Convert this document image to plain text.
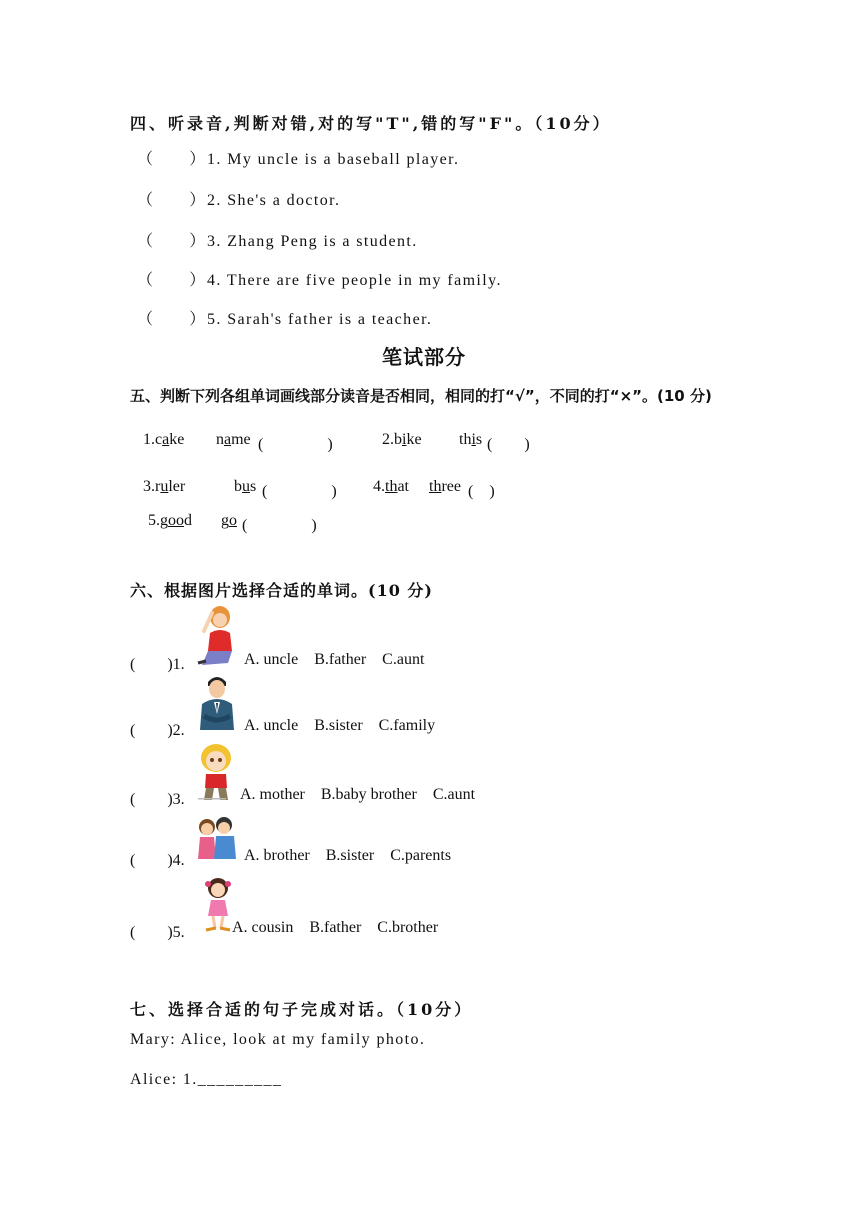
四、听录音,判断对错,对的写"T",错的写"F"。（10分）
（　　）1. My uncle is a baseball player.
（　　）2. She's a doctor.
（　　）3. Zhang Peng is a student.
（　　）4. There are five people in my family.
（　　）5. Sarah's father is a teacher.
笔试部分
五、判断下列各组单词画线部分读音是否相同，相同的打“√”，不同的打“×”。(10 分)
1.cake name (　　　　)	2.bike this (　　)
3.ruler	bus (　　　　) 4.that three (　)
5.good go (　　　　)
六、根据图片选择合适的单词。(10 分)
(　　)1.	A. uncle    B.father    C.aunt
(　　)2.	A. uncle    B.sister    C.family
(　　)3.	A. mother    B.baby brother    C.aunt
(　　)4.	A. brother    B.sister    C.parents
(　　)5.	A. cousin    B.father    C.brother
七、选择合适的句子完成对话。（10分）
Mary: Alice, look at my family photo.
Alice: 1._________
